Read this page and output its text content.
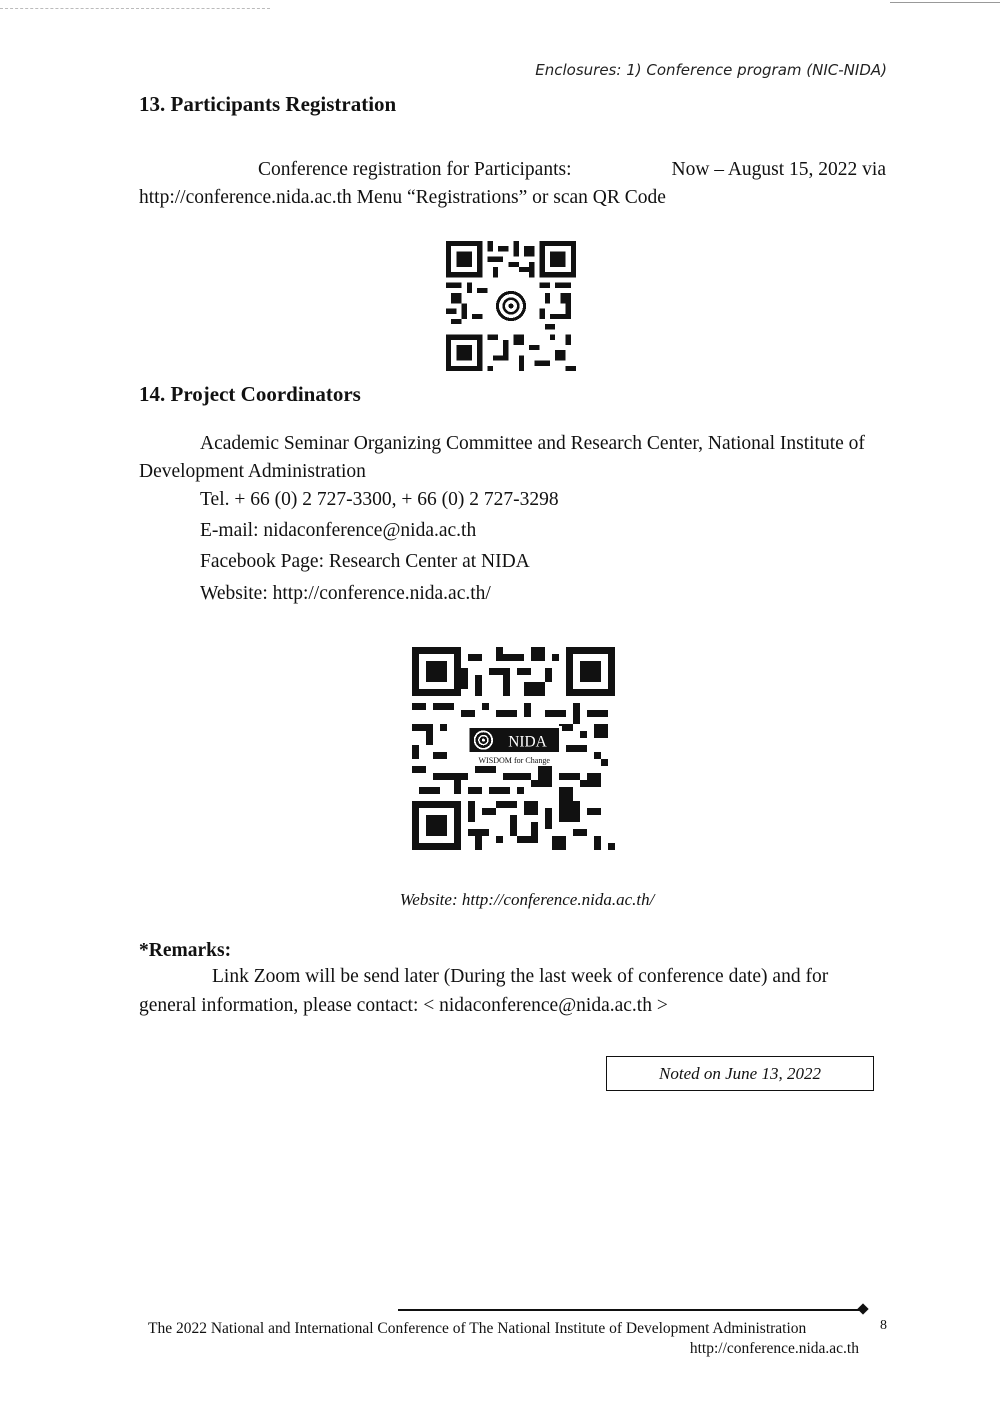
Enclosures: 1) Conference program (NIC-NIDA)
13. Participants Registration
Conference registration for Participants:	Now – August 15, 2022 via
http://conference.nida.ac.th Menu “Registrations” or scan QR Code
14. Project Coordinators
Academic Seminar Organizing Committee and Research Center, National Institute of
Development Administration
Tel. + 66 (0) 2 727-3300, + 66 (0) 2 727-3298
E-mail: nidaconference@nida.ac.th
Facebook Page: Research Center at NIDA
Website: http://conference.nida.ac.th/
NIDA
WISDOM for Change
Website: http://conference.nida.ac.th/
*Remarks:
Link Zoom will be send later (During the last week of conference date) and for
general information, please contact: < nidaconference@nida.ac.th >
Noted on June 13, 2022
The 2022 National and International Conference of The National Institute of Development Administration	8
http://conference.nida.ac.th
